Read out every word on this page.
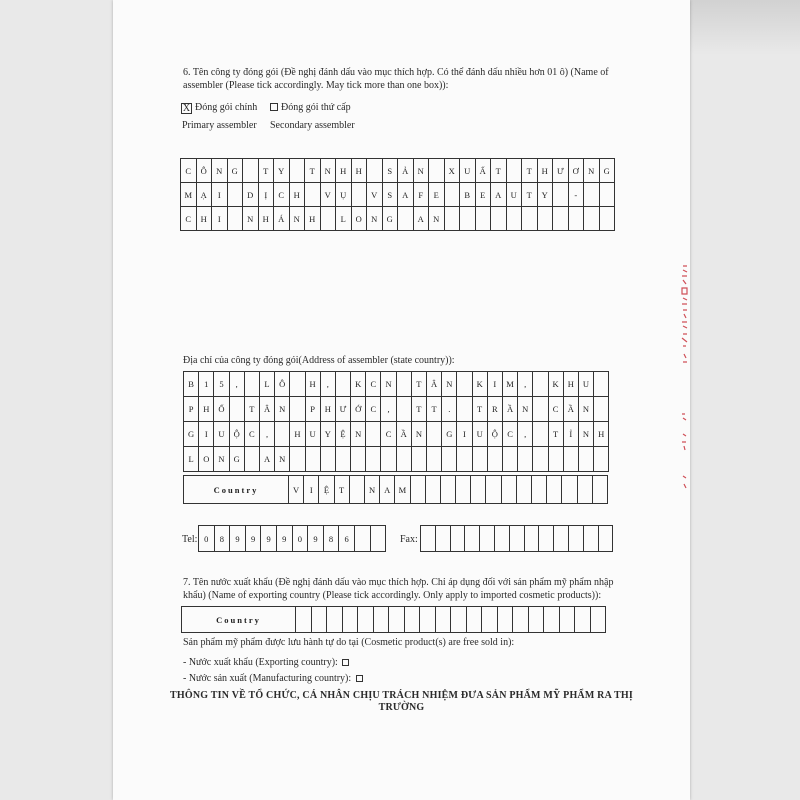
6. Tên công ty đóng gói (Đề nghị đánh dấu vào mục thích hợp. Có thể đánh dấu nhiều hơn 01 ô) (Name of
assembler (Please tick accordingly. May tick more than one box)):
X Đóng gói chính	Đóng gói thứ cấp
Primary assembler Secondary assembler
C	Ô	N	G	T	Y	T	N	H	H	S	Ả	N	X	U	Ấ	T	T	H	Ư	Ơ	N	G
M	Ạ	I	D	Ị	C	H	V	Ụ	V	S	A	F	E	B	E	A	U	T	Y	-
C	H	I	N	H	Á	N	H	L	O	N	G	A	N
Địa chỉ của công ty đóng gói(Address of assembler (state country)):
B	1	5	,	L	Ô	H	,	K	C	N	T	Â	N	K	I	M	,	K	H	U
P	H	Ố	T	Â	N	P	H	Ư	Ớ	C	,	T	T	.	T	R	Ầ	N	C	Ầ	N
G	I	U	Ộ	C	,	H	U	Y	Ệ	N	C	Ầ	N	G	I	U	Ộ	C	,	T	Ỉ	N	H
L	O	N	G	A	N
Country	V	I	Ệ	T	N	A M
Tel: 0	8	9	9	9	9	0	9	8	6	Fax:
7. Tên nước xuất khẩu (Đề nghị đánh dấu vào mục thích hợp. Chỉ áp dụng đối với sản phẩm mỹ phẩm nhập
khẩu) (Name of exporting country (Please tick accordingly. Only apply to imported cosmetic products)):
Country
Sản phẩm mỹ phẩm được lưu hành tự do tại (Cosmetic product(s) are free sold in):
- Nước xuất khẩu (Exporting country):
- Nước sản xuất (Manufacturing country):
THÔNG TIN VỀ TỔ CHỨC, CÁ NHÂN CHỊU TRÁCH NHIỆM ĐƯA SẢN PHẨM MỸ PHẨM RA THỊ
TRƯỜNG
